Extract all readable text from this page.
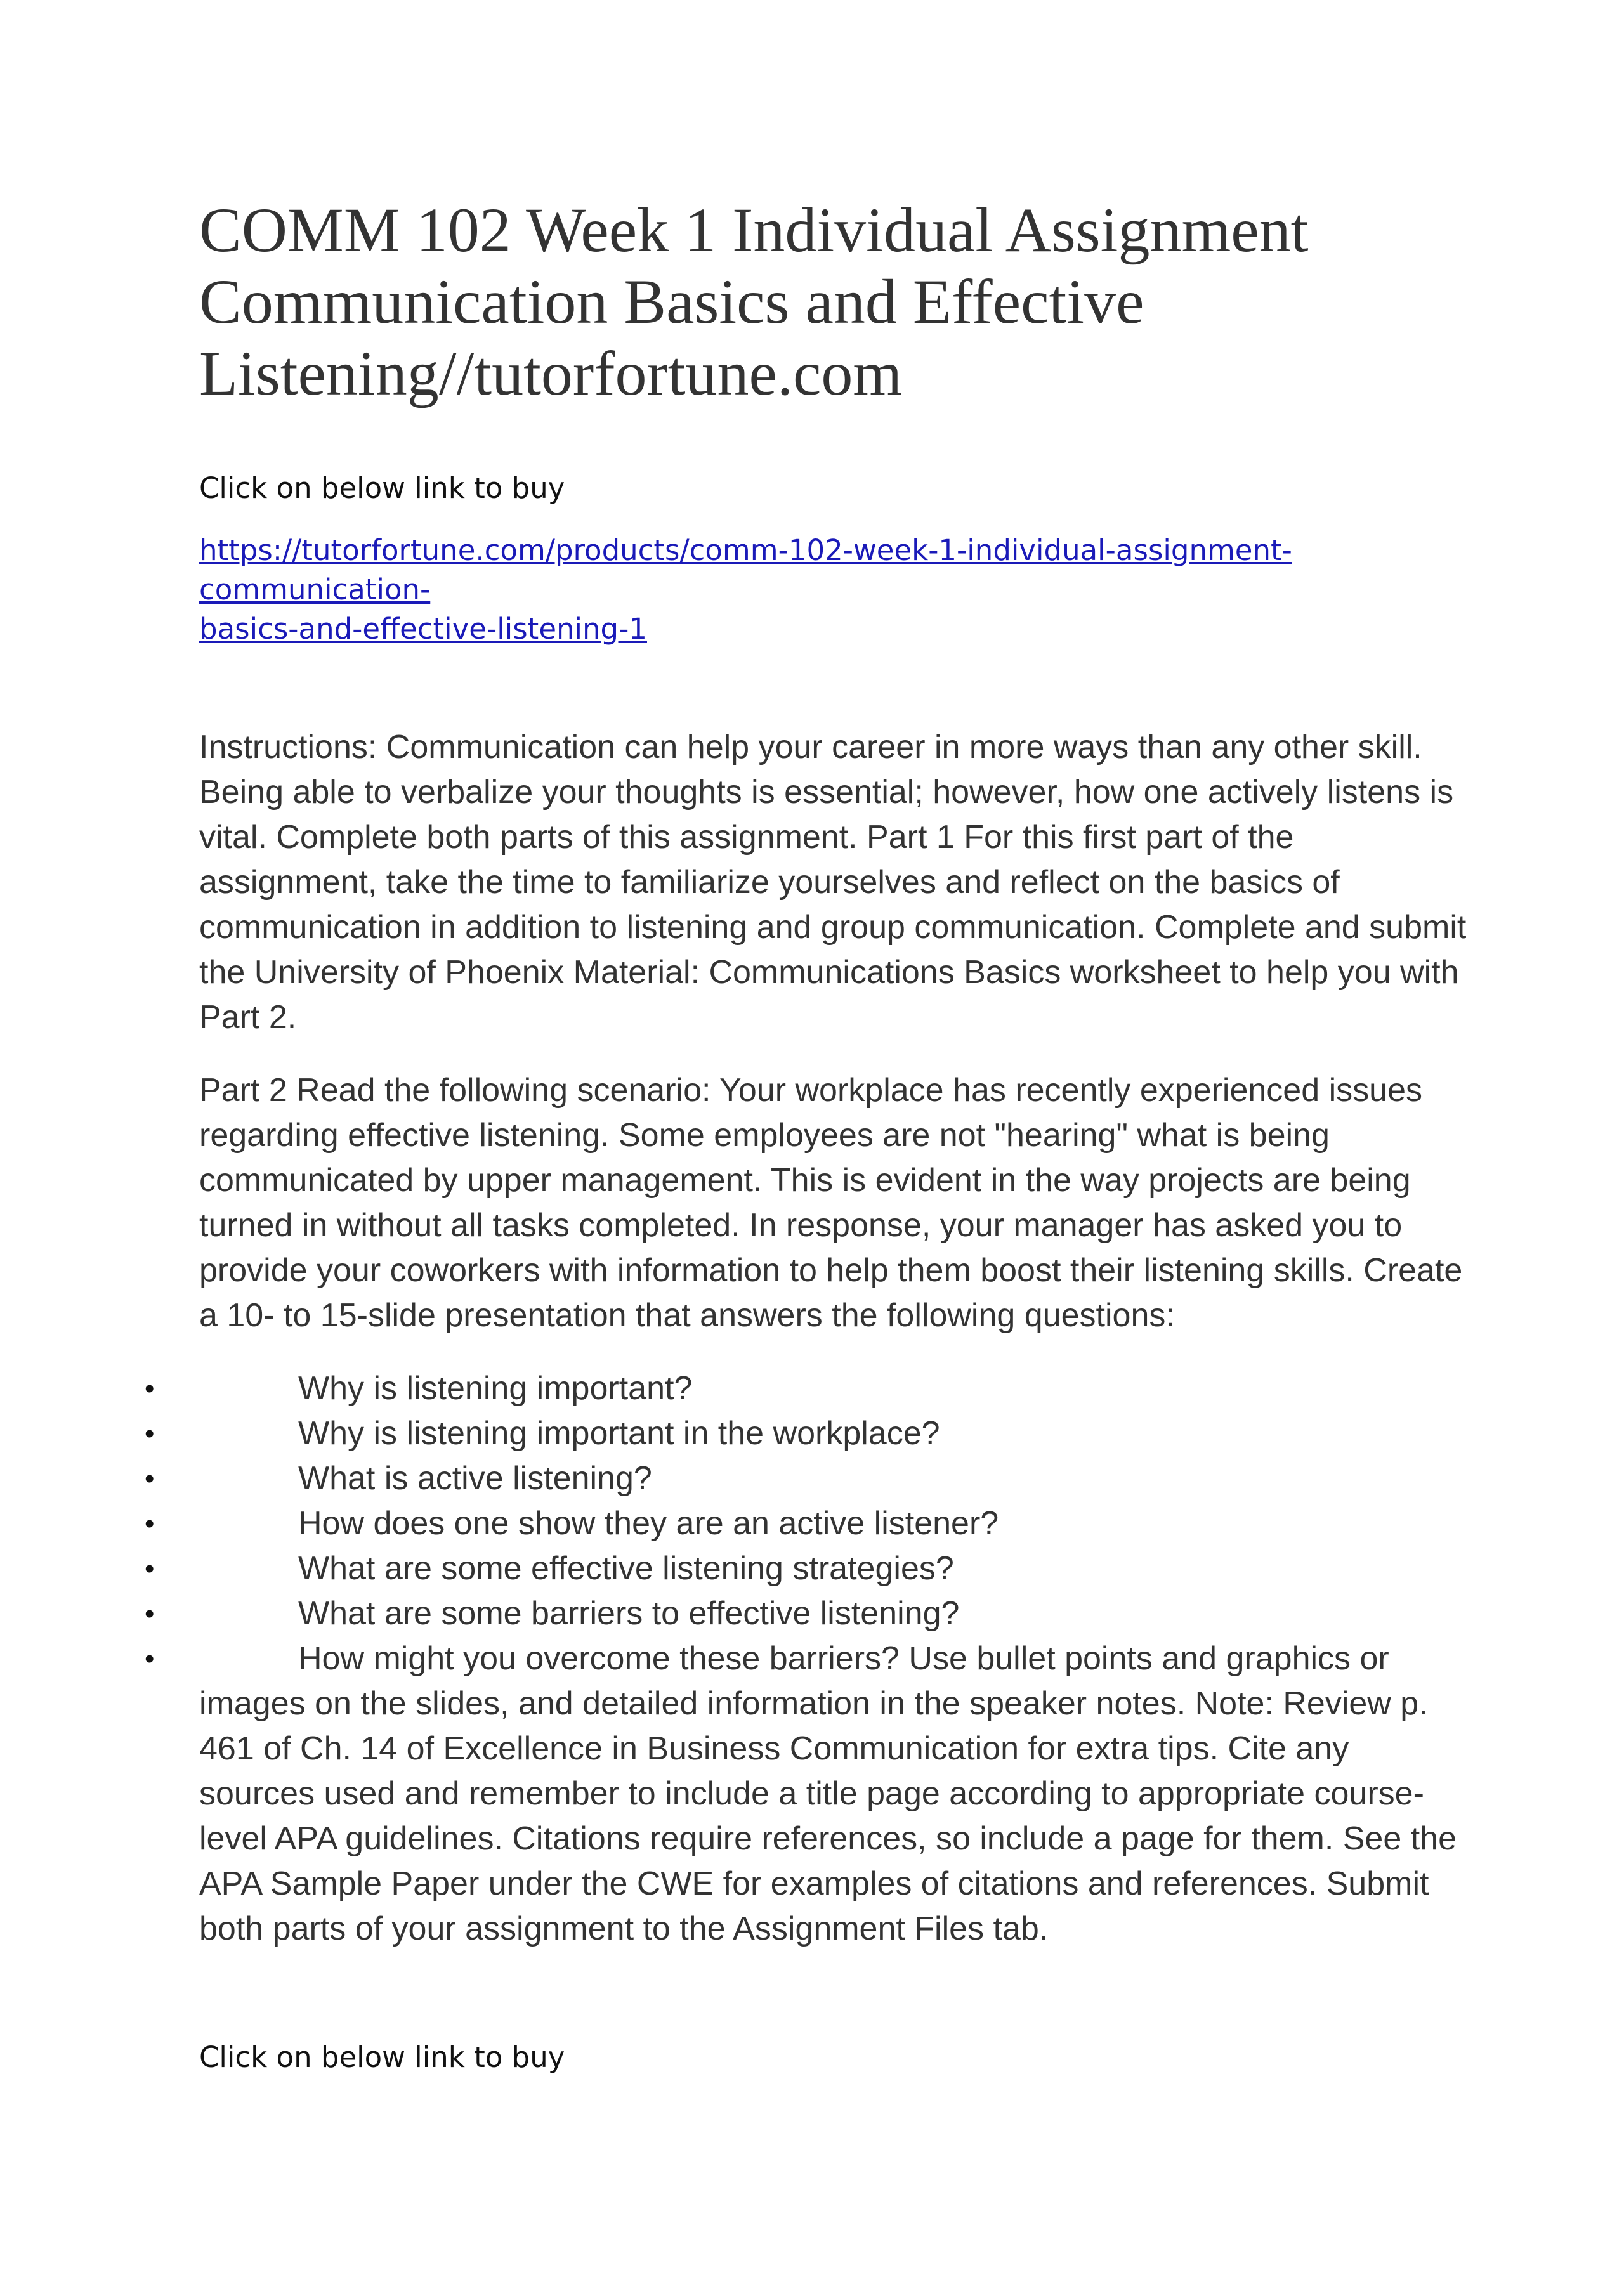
COMM 102 Week 1 Individual Assignment
Communication Basics and Effective
Listening//tutorfortune.com
Click on below link to buy
https://tutorfortune.com/products/comm-102-week-1-individual-assignment-communication-
basics-and-effective-listening-1

Instructions: Communication can help your career in more ways than any other skill. Being able to verbalize your thoughts is essential; however, how one actively listens is vital. Complete both parts of this assignment. Part 1 For this first part of the assignment, take the time to familiarize yourselves and reflect on the basics of communication in addition to listening and group communication. Complete and submit the University of Phoenix Material: Communications Basics worksheet to help you with Part 2.

Part 2 Read the following scenario: Your workplace has recently experienced issues regarding effective listening. Some employees are not "hearing" what is being communicated by upper management. This is evident in the way projects are being turned in without all tasks completed. In response, your manager has asked you to provide your coworkers with information to help them boost their listening skills. Create a 10- to 15-slide presentation that answers the following questions:

•	Why is listening important?
•	Why is listening important in the workplace?
•	What is active listening?
•	How does one show they are an active listener?
•	What are some effective listening strategies?
•	What are some barriers to effective listening?
•	How might you overcome these barriers? Use bullet points and graphics or images on the slides, and detailed information in the speaker notes. Note: Review p. 461 of Ch. 14 of Excellence in Business Communication for extra tips. Cite any sources used and remember to include a title page according to appropriate course-level APA guidelines. Citations require references, so include a page for them. See the APA Sample Paper under the CWE for examples of citations and references. Submit both parts of your assignment to the Assignment Files tab.
Click on below link to buy
